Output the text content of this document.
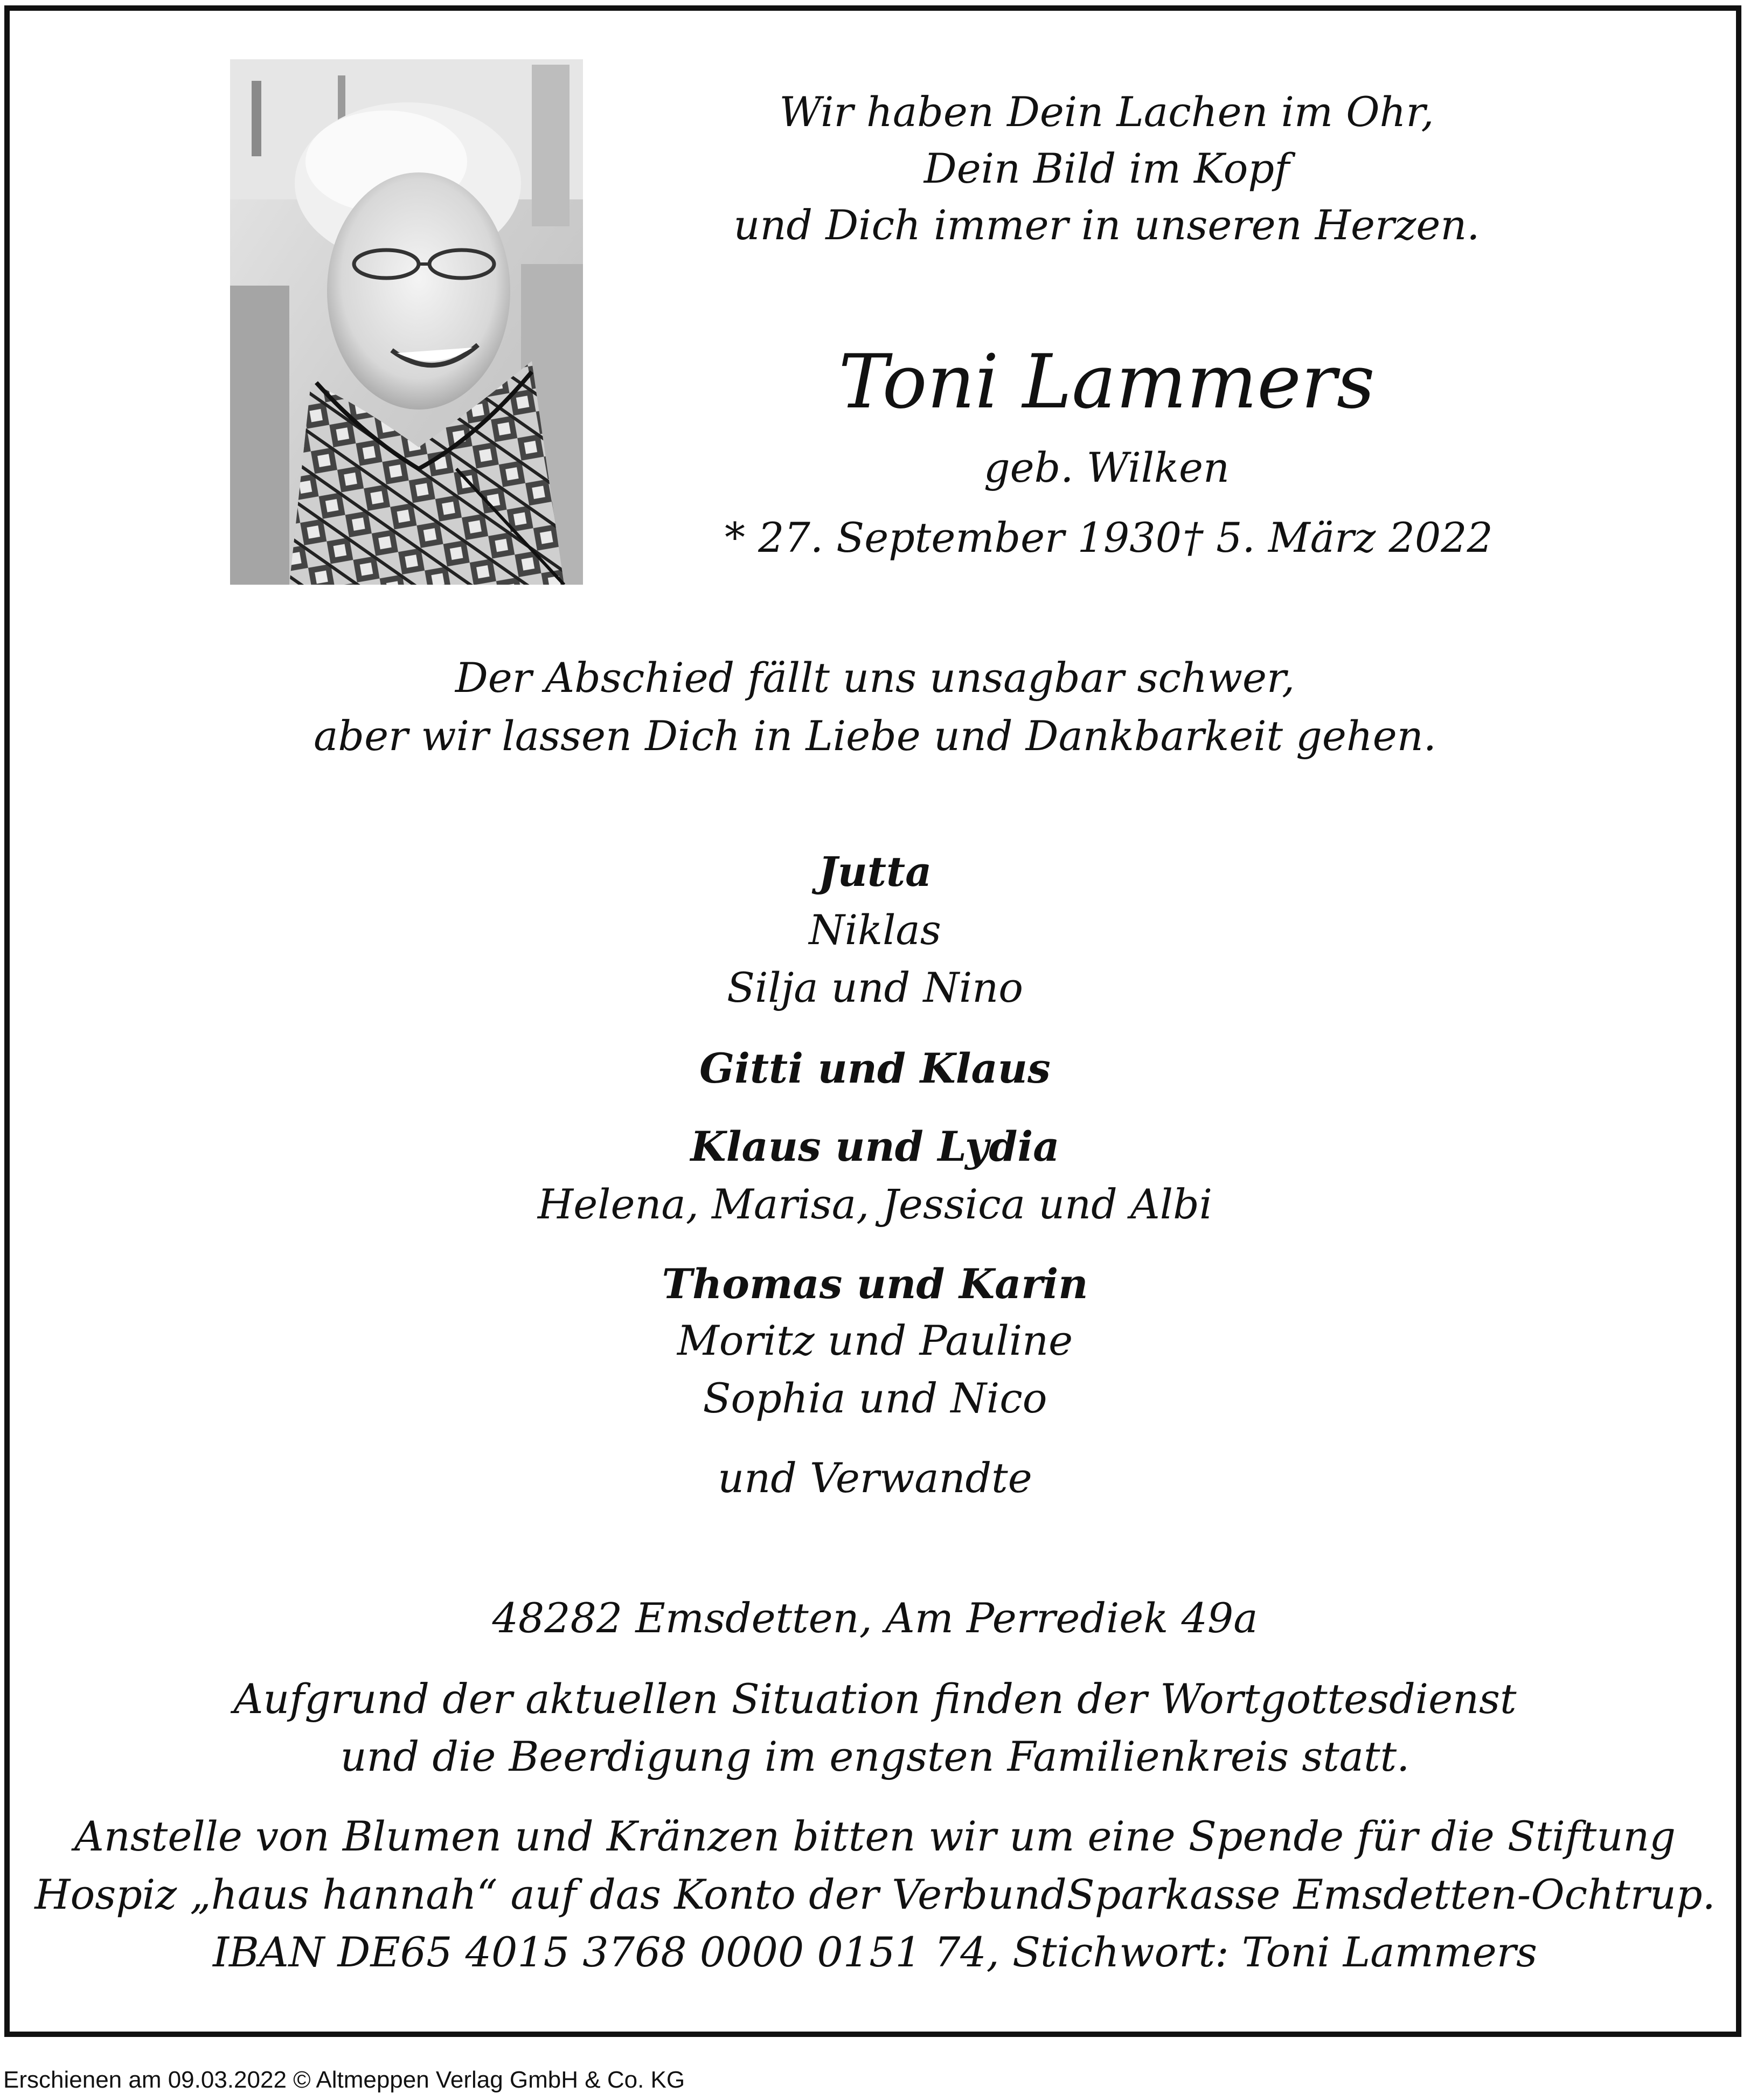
Wir haben Dein Lachen im Ohr,
Dein Bild im Kopf
und Dich immer in unseren Herzen.
Toni Lammers
geb. Wilken
* 27. September 1930 † 5. März 2022
Der Abschied fällt uns unsagbar schwer,
aber wir lassen Dich in Liebe und Dankbarkeit gehen.
Jutta
Niklas
Silja und Nino
Gitti und Klaus
Klaus und Lydia
Helena, Marisa, Jessica und Albi
Thomas und Karin
Moritz und Pauline
Sophia und Nico
und Verwandte
48282 Emsdetten, Am Perrediek 49a
Aufgrund der aktuellen Situation finden der Wortgottesdienst
und die Beerdigung im engsten Familienkreis statt.
Anstelle von Blumen und Kränzen bitten wir um eine Spende für die Stiftung
Hospiz „haus hannah“ auf das Konto der VerbundSparkasse Emsdetten-Ochtrup.
IBAN DE65 4015 3768 0000 0151 74, Stichwort: Toni Lammers
Erschienen am 09.03.2022 © Altmeppen Verlag GmbH & Co. KG
